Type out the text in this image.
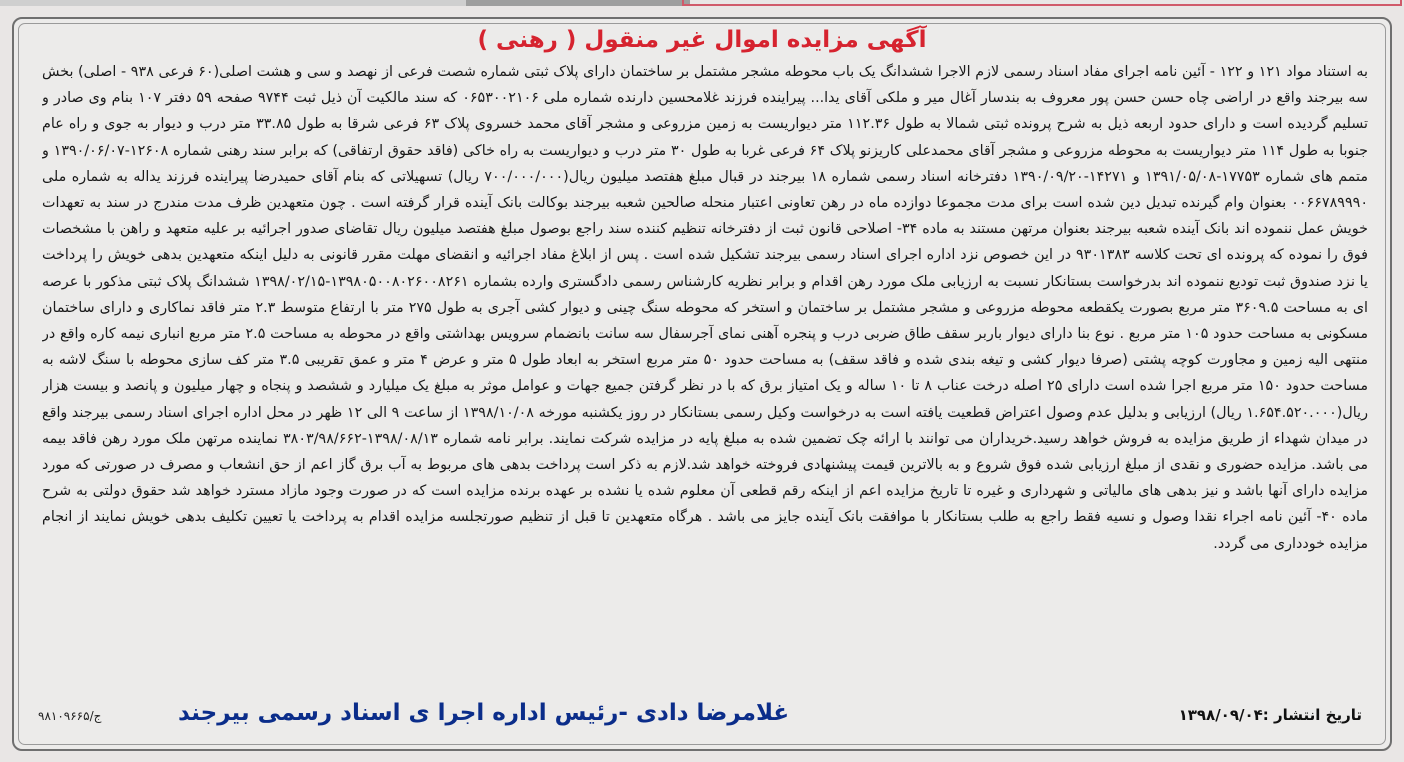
آگهی مزایده اموال غیر منقول ( رهنی )

به استناد مواد ۱۲۱ و ۱۲۲ - آئین نامه اجرای مفاد اسناد رسمی لازم الاجرا ششدانگ یک باب محوطه مشجر مشتمل بر ساختمان دارای پلاک ثبتی شماره شصت فرعی از نهصد و سی و هشت اصلی(۶۰ فرعی ۹۳۸ - اصلی) بخش سه بیرجند واقع در اراضی چاه حسن حسن پور معروف به بندسار آغال میر و ملکی آقای یدا... پیراینده فرزند غلامحسین دارنده شماره ملی ۰۶۵۳۰۰۲۱۰۶ که سند مالکیت آن ذیل ثبت ۹۷۴۴ صفحه ۵۹ دفتر ۱۰۷ بنام وی صادر و تسلیم گردیده است و دارای حدود اربعه ذیل به شرح پرونده ثبتی شمالا به طول ۱۱۲.۳۶ متر دیواریست به زمین مزروعی و مشجر آقای محمد خسروی پلاک ۶۳ فرعی شرقا به طول ۳۳.۸۵ متر درب و دیوار به جوی و راه عام جنوبا به طول ۱۱۴ متر دیواریست به محوطه مزروعی و مشجر آقای محمدعلی کاریزنو پلاک ۶۴ فرعی غربا به طول ۳۰ متر درب و دیواریست به راه خاکی (فاقد حقوق ارتفاقی) که برابر سند رهنی شماره ۱۲۶۰۸-۱۳۹۰/۰۶/۰۷ و متمم های شماره ۱۷۷۵۳-۱۳۹۱/۰۵/۰۸ و ۱۴۲۷۱-۱۳۹۰/۰۹/۲۰ دفترخانه اسناد رسمی شماره ۱۸ بیرجند در قبال مبلغ هفتصد میلیون ریال(۷۰۰/۰۰۰/۰۰۰ ریال) تسهیلاتی که بنام آقای حمیدرضا پیراینده فرزند یداله به شماره ملی ۰۰۶۶۷۸۹۹۹۰ بعنوان وام گیرنده تبدیل دین شده است برای مدت مجموعا دوازده ماه در رهن تعاونی اعتبار منحله صالحین شعبه بیرجند بوکالت بانک آینده قرار گرفته است . چون متعهدین ظرف مدت مندرج در سند به تعهدات خویش عمل ننموده اند بانک آینده شعبه بیرجند بعنوان مرتهن مستند به ماده ۳۴- اصلاحی قانون ثبت از دفترخانه تنظیم کننده سند راجع بوصول مبلغ هفتصد میلیون ریال تقاضای صدور اجرائیه بر علیه متعهد و راهن با مشخصات فوق را نموده که پرونده ای تحت کلاسه ۹۳۰۱۳۸۳ در این خصوص نزد اداره اجرای اسناد رسمی بیرجند تشکیل شده است . پس از ابلاغ مفاد اجرائیه و انقضای مهلت مقرر قانونی به دلیل اینکه متعهدین بدهی خویش را پرداخت یا نزد صندوق ثبت تودیع ننموده اند بدرخواست بستانکار نسبت به ارزیابی ملک مورد رهن اقدام و برابر نظریه کارشناس رسمی دادگستری وارده بشماره ۱۳۹۸۰۵۰۰۸۰۲۶۰۰۸۲۶۱-۱۳۹۸/۰۲/۱۵ ششدانگ پلاک ثبتی مذکور با عرصه ای به مساحت ۳۶۰۹.۵ متر مربع بصورت یکقطعه محوطه مزروعی و مشجر مشتمل بر ساختمان و استخر که محوطه سنگ چینی و دیوار کشی آجری به طول ۲۷۵ متر با ارتفاع متوسط ۲.۳ متر فاقد نماکاری و دارای ساختمان مسکونی به مساحت حدود ۱۰۵ متر مربع . نوع بنا دارای دیوار باربر سقف طاق ضربی درب و پنجره آهنی نمای آجرسفال سه سانت بانضمام سرویس بهداشتی واقع در محوطه به مساحت ۲.۵ متر مربع انباری نیمه کاره واقع در منتهی الیه زمین و مجاورت کوچه پشتی (صرفا دیوار کشی و تیغه بندی شده و فاقد سقف) به مساحت حدود ۵۰ متر مربع استخر به ابعاد طول ۵ متر و عرض ۴ متر و عمق تقریبی ۳.۵ متر کف سازی محوطه با سنگ لاشه به مساحت حدود ۱۵۰ متر مربع اجرا شده است دارای ۲۵ اصله درخت عناب ۸ تا ۱۰ ساله و یک امتیاز برق که با در نظر گرفتن جمیع جهات و عوامل موثر به مبلغ یک میلیارد و ششصد و پنجاه و چهار میلیون و پانصد و بیست هزار ریال(۱.۶۵۴.۵۲۰.۰۰۰ ریال) ارزیابی و بدلیل عدم وصول اعتراض قطعیت یافته است به درخواست وکیل رسمی بستانکار در روز یکشنبه مورخه ۱۳۹۸/۱۰/۰۸ از ساعت ۹ الی ۱۲ ظهر در محل اداره اجرای اسناد رسمی بیرجند واقع در میدان شهداء از طریق مزایده به فروش خواهد رسید.خریداران می توانند با ارائه چک تضمین شده به مبلغ پایه در مزایده شرکت نمایند. برابر نامه شماره ۱۳۹۸/۰۸/۱۳-۳۸۰۳/۹۸/۶۶۲ نماینده مرتهن ملک مورد رهن فاقد بیمه می باشد. مزایده حضوری و نقدی از مبلغ ارزیابی شده فوق شروع و به بالاترین قیمت پیشنهادی فروخته خواهد شد.لازم به ذکر است پرداخت بدهی های مربوط به آب برق گاز اعم از حق انشعاب و مصرف در صورتی که مورد مزایده دارای آنها باشد و نیز بدهی های مالیاتی و شهرداری و غیره تا تاریخ مزایده اعم از اینکه رقم قطعی آن معلوم شده یا نشده بر عهده برنده مزایده است که در صورت وجود مازاد مسترد خواهد شد حقوق دولتی به شرح ماده ۴۰- آئین نامه اجراء نقدا وصول و نسیه فقط راجع به طلب بستانکار با موافقت بانک آینده جایز می باشد . هرگاه متعهدین تا قبل از تنظیم صورتجلسه مزایده اقدام به پرداخت یا تعیین تکلیف بدهی خویش نمایند از انجام مزایده خودداری می گردد.

تاریخ انتشار :۱۳۹۸/۰۹/۰۴
غلامرضا دادی -رئیس اداره اجرا ی اسناد رسمی بیرجند
ج/۹۸۱۰۹۶۶۵
